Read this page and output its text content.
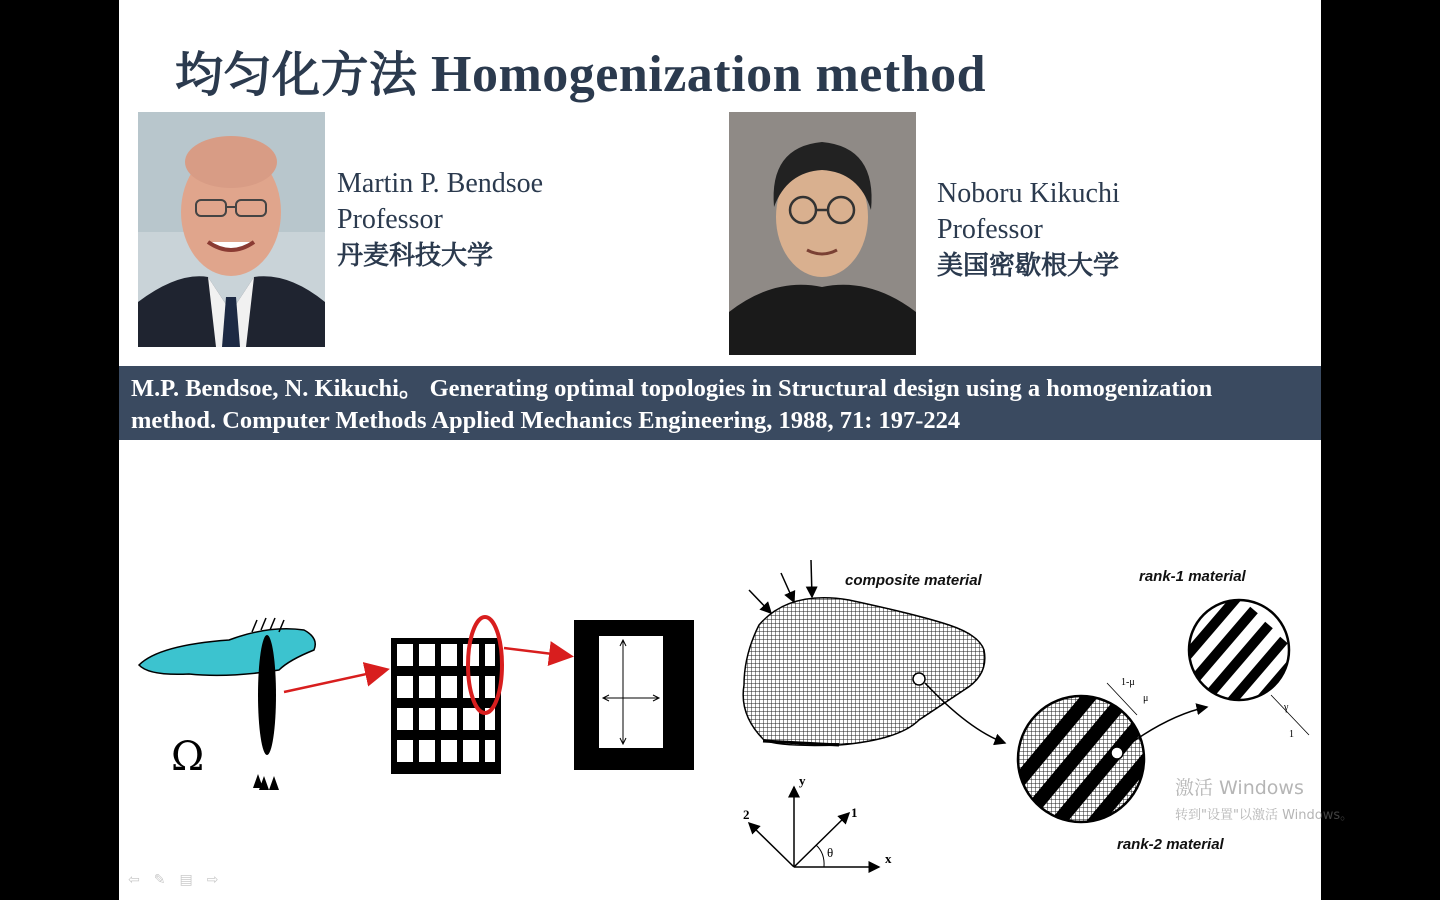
均匀化方法 Homogenization method
Martin P. Bendsoe
Professor
丹麦科技大学
Noboru Kikuchi
Professor
美国密歇根大学
M.P. Bendsoe, N. Kikuchi。 Generating optimal topologies in Structural design using a homogenization
method. Computer Methods Applied Mechanics Engineering, 1988, 71: 197-224
Ω
composite material	rank-1 material
rank-2 material
1-μ
μ
γ
1
x
y
1
2
θ
激活 Windows
转到"设置"以激活 Windows。
⇦ ✎ ▤ ⇨
